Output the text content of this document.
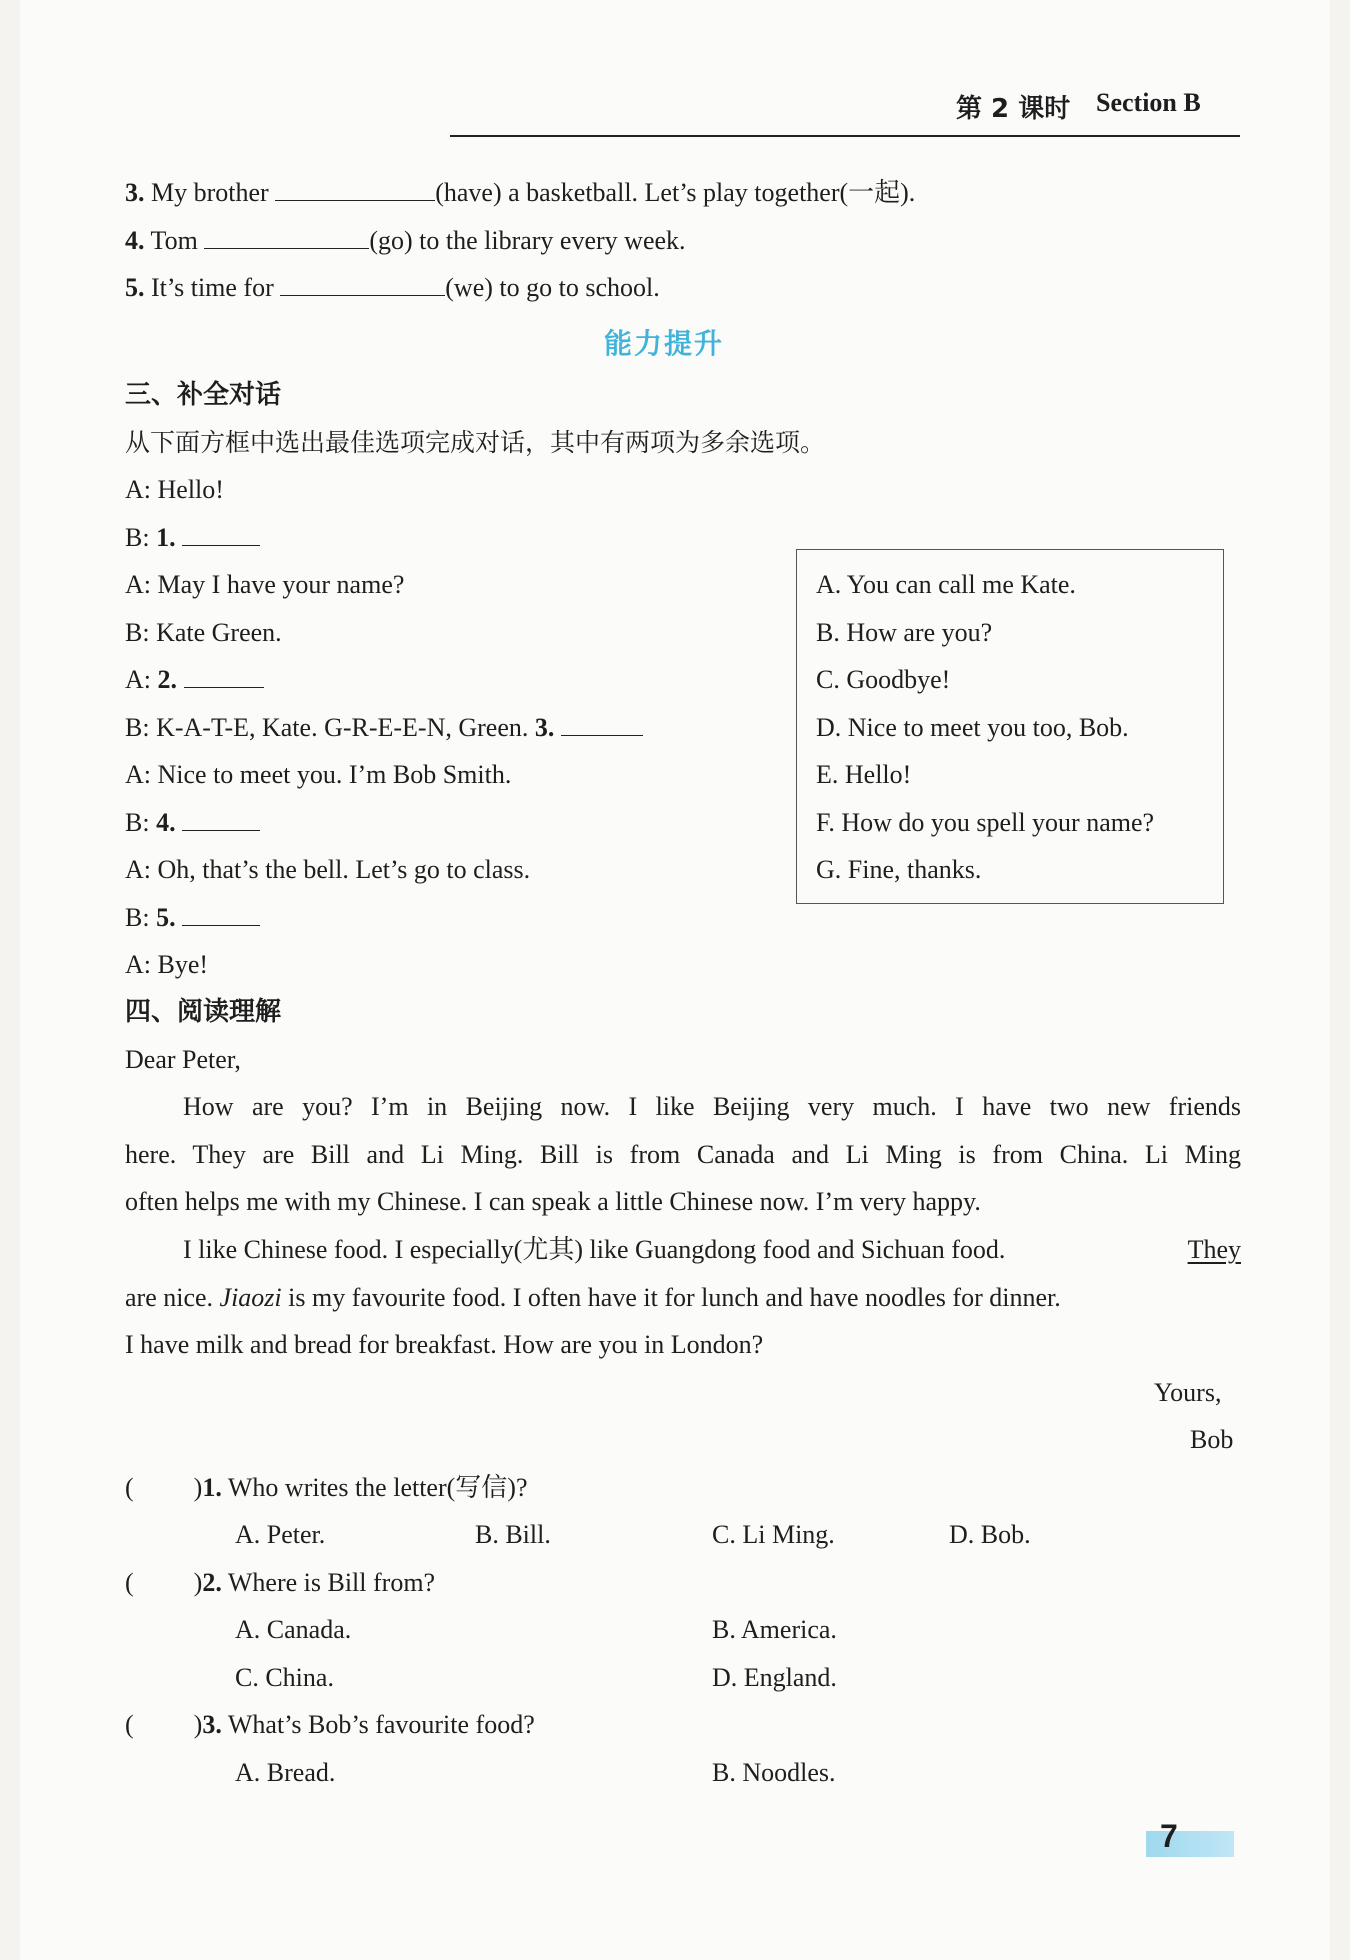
第 2 课时 Section B
3. My brother	(have) a basketball. Let’s play together(一起).
4. Tom	(go) to the library every week.
5. It’s time for	(we) to go to school.
能力提升
三、补全对话
从下面方框中选出最佳选项完成对话，其中有两项为多余选项。
A: Hello!
B: 1.
A: May I have your name?
B: Kate Green.
A: 2.
B: K-A-T-E, Kate. G-R-E-E-N, Green. 3.
A: Nice to meet you. I’m Bob Smith.
B: 4.
A: Oh, that’s the bell. Let’s go to class.
B: 5.
A: Bye!
A. You can call me Kate.
B. How are you?
C. Goodbye!
D. Nice to meet you too, Bob.
E. Hello!
F. How do you spell your name?
G. Fine, thanks.
四、阅读理解
Dear Peter,
How are you? I’m in Beijing now. I like Beijing very much. I have two new friends
here. They are Bill and Li Ming. Bill is from Canada and Li Ming is from China. Li Ming
often helps me with my Chinese. I can speak a little Chinese now. I’m very happy.
I like Chinese food. I especially(尤其) like Guangdong food and Sichuan food.	They
are nice. Jiaozi is my favourite food. I often have it for lunch and have noodles for dinner.
I have milk and bread for breakfast. How are you in London?
Yours,
Bob
( )1. Who writes the letter(写信)?
A. Peter.	B. Bill.	C. Li Ming.	D. Bob.
( )2. Where is Bill from?
A. Canada.	B. America.
C. China.	D. England.
( )3. What’s Bob’s favourite food?
A. Bread.	B. Noodles.
7
